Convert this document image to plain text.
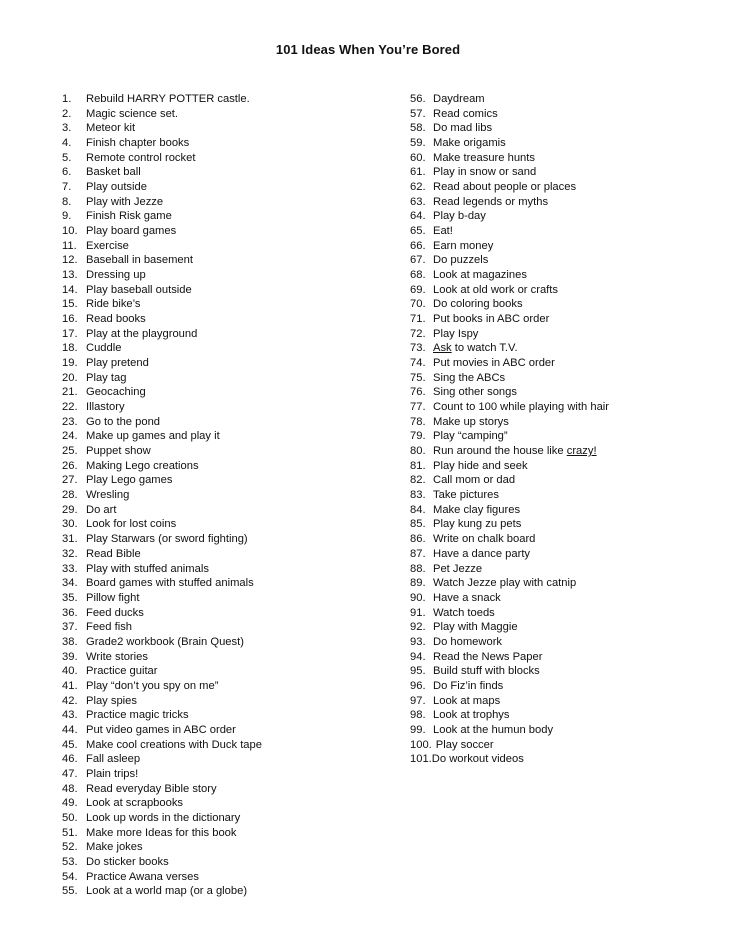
101 Ideas When You’re Bored
1. Rebuild HARRY POTTER castle.
2. Magic science set.
3. Meteor kit
4. Finish chapter books
5. Remote control rocket
6. Basket ball
7. Play outside
8. Play with Jezze
9. Finish Risk game
10. Play board games
11. Exercise
12. Baseball in basement
13. Dressing up
14. Play baseball outside
15. Ride bike’s
16. Read books
17. Play at the playground
18. Cuddle
19. Play pretend
20. Play tag
21. Geocaching
22. Illastory
23. Go to the pond
24. Make up games and play it
25. Puppet show
26. Making Lego creations
27. Play Lego games
28. Wresling
29. Do art
30. Look for lost coins
31. Play Starwars (or sword fighting)
32. Read Bible
33. Play with stuffed animals
34. Board games with stuffed animals
35. Pillow fight
36. Feed ducks
37. Feed fish
38. Grade2 workbook (Brain Quest)
39. Write stories
40. Practice guitar
41. Play “don’t you spy on me”
42. Play spies
43. Practice magic tricks
44. Put video games in ABC order
45. Make cool creations with Duck tape
46. Fall asleep
47. Plain trips!
48. Read everyday Bible story
49. Look at scrapbooks
50. Look up words in the dictionary
51. Make more Ideas for this book
52. Make jokes
53. Do sticker books
54. Practice Awana verses
55. Look at a world map (or a globe)
56. Daydream
57. Read comics
58. Do mad libs
59. Make origamis
60. Make treasure hunts
61. Play in snow or sand
62. Read about people or places
63. Read legends or myths
64. Play b-day
65. Eat!
66. Earn money
67. Do puzzels
68. Look at magazines
69. Look at old work or crafts
70. Do coloring books
71. Put books in ABC order
72. Play Ispy
73. Ask to watch T.V.
74. Put movies in ABC order
75. Sing the ABCs
76. Sing other songs
77. Count to 100 while playing with hair
78. Make up storys
79. Play “camping”
80. Run around the house like crazy!
81. Play hide and seek
82. Call mom or dad
83. Take pictures
84. Make clay figures
85. Play kung zu pets
86. Write on chalk board
87. Have a dance party
88. Pet Jezze
89. Watch Jezze play with catnip
90. Have a snack
91. Watch toeds
92. Play with Maggie
93. Do homework
94. Read the News Paper
95. Build stuff with blocks
96. Do Fiz’in finds
97. Look at maps
98. Look at trophys
99. Look at the humun body
100. Play soccer
101.Do workout videos
